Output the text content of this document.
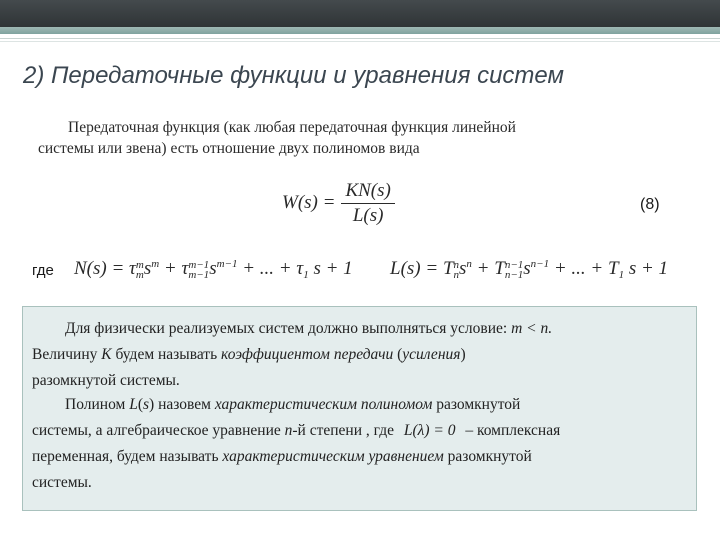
2) Передаточные функции и уравнения систем
Передаточная функция (как любая передаточная функция линейной
системы или звена) есть отношение двух полиномов вида
$W(s) = \frac{KN(s)}{L(s)}$	(8)
где N(s) = τ m
m $s^m + \tau$ m−1
m−1 $s^{m-1}$ + ... + $\tau_1$ s + 1 L(s) = T n
n $s^n + T$ n−1
n−1 $s^{n-1}$ + ... + $T_1$ s + 1
Для физически реализуемых систем должно выполняться условие: m < n.
Величину K будем называть коэффициентом передачи (усиления)
разомкнутой системы.
Полином L(s) назовем характеристическим полиномом разомкнутой
системы, а алгебраическое уравнение n-й степени , где L(λ) = 0 – комплексная
переменная, будем называть характеристическим уравнением разомкнутой
системы.
